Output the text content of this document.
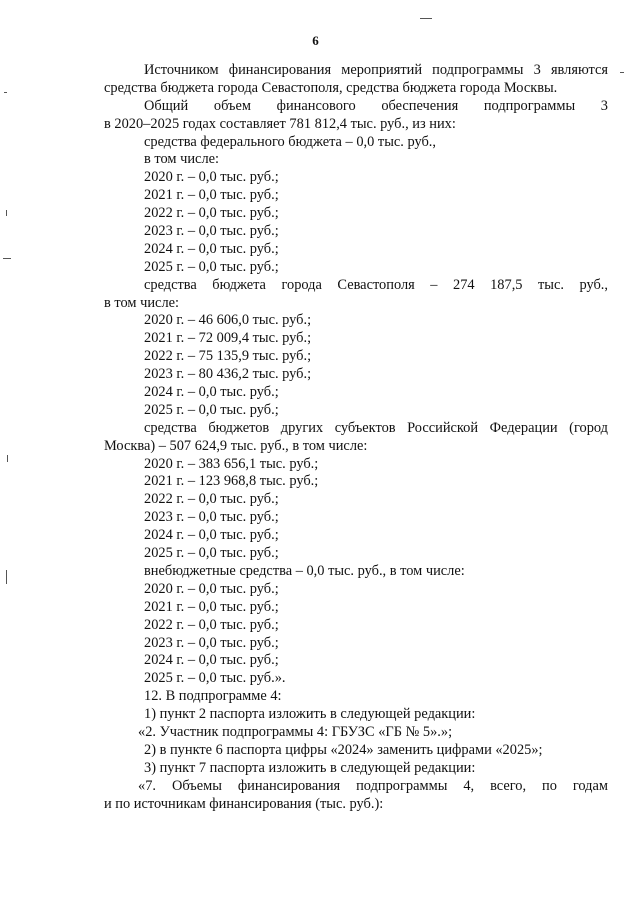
6
Источником финансирования мероприятий подпрограммы 3 являются
средства бюджета города Севастополя, средства бюджета города Москвы.
Общий объем финансового обеспечения подпрограммы 3
в 2020–2025 годах составляет 781 812,4 тыс. руб., из них:
средства федерального бюджета – 0,0 тыс. руб.,
в том числе:
2020 г. – 0,0 тыс. руб.;
2021 г. – 0,0 тыс. руб.;
2022 г. – 0,0 тыс. руб.;
2023 г. – 0,0 тыс. руб.;
2024 г. – 0,0 тыс. руб.;
2025 г. – 0,0 тыс. руб.;
средства бюджета города Севастополя – 274 187,5 тыс. руб.,
в том числе:
2020 г. – 46 606,0 тыс. руб.;
2021 г. – 72 009,4 тыс. руб.;
2022 г. – 75 135,9 тыс. руб.;
2023 г. – 80 436,2 тыс. руб.;
2024 г. – 0,0 тыс. руб.;
2025 г. – 0,0 тыс. руб.;
средства бюджетов других субъектов Российской Федерации (город
Москва) – 507 624,9 тыс. руб., в том числе:
2020 г. – 383 656,1 тыс. руб.;
2021 г. – 123 968,8 тыс. руб.;
2022 г. – 0,0 тыс. руб.;
2023 г. – 0,0 тыс. руб.;
2024 г. – 0,0 тыс. руб.;
2025 г. – 0,0 тыс. руб.;
внебюджетные средства – 0,0 тыс. руб., в том числе:
2020 г. – 0,0 тыс. руб.;
2021 г. – 0,0 тыс. руб.;
2022 г. – 0,0 тыс. руб.;
2023 г. – 0,0 тыс. руб.;
2024 г. – 0,0 тыс. руб.;
2025 г. – 0,0 тыс. руб.».
12. В подпрограмме 4:
1) пункт 2 паспорта изложить в следующей редакции:
«2. Участник подпрограммы 4: ГБУЗС «ГБ № 5».»;
2) в пункте 6 паспорта цифры «2024» заменить цифрами «2025»;
3) пункт 7 паспорта изложить в следующей редакции:
«7. Объемы финансирования подпрограммы 4, всего, по годам
и по источникам финансирования (тыс. руб.):
